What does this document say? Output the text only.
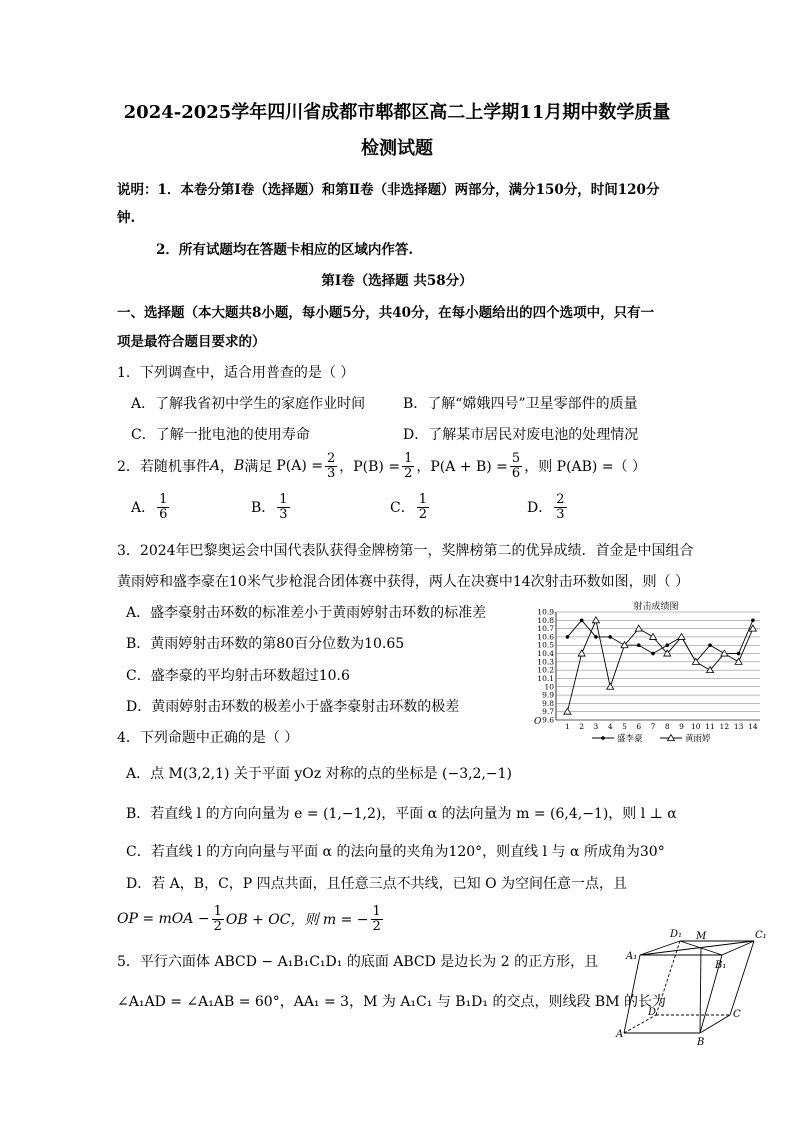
2024-2025学年四川省成都市郫都区高二上学期11月期中数学质量
检测试题
说明：1．本卷分第Ⅰ卷（选择题）和第Ⅱ卷（非选择题）两部分，满分150分，时间120分
钟.
2．所有试题均在答题卡相应的区域内作答.
第Ⅰ卷（选择题 共58分）
一、选择题（本大题共8小题，每小题5分，共40分，在每小题给出的四个选项中，只有一
项是最符合题目要求的）
1．下列调查中，适合用普查的是（ ）
A．了解我省初中学生的家庭作业时间	B．了解“嫦娥四号”卫星零部件的质量
C．了解一批电池的使用寿命	D．了解某市居民对废电池的处理情况
2．若随机事件 A ， B 满足 $P(A) = \frac{2}{3}$ ，$P(B) = \frac{1}{2}$ ，$P(A + B) = \frac{5}{6}$ ，则 P(AB) =（ ）
A． $\frac{1}{6}$	B． $\frac{1}{3}$	C． $\frac{1}{2}$	D． $\frac{2}{3}$
3．2024年巴黎奥运会中国代表队获得金牌榜第一，奖牌榜第二的优异成绩．首金是中国组合
黄雨婷和盛李豪在10米气步枪混合团体赛中获得，两人在决赛中14次射击环数如图，则（ ）
A．盛李豪射击环数的标准差小于黄雨婷射击环数的标准差
B．黄雨婷射击环数的第80百分位数为10.65
C．盛李豪的平均射击环数超过10.6
D．黄雨婷射击环数的极差小于盛李豪射击环数的极差
射击成绩图
9.6
9.7
9.8
9.9
10
10.1
10.2
10.3
10.4
10.5
10.6
10.7
10.8
10.9
1 2 3 4 5 6 7 8 9 10 11 12 13 14
O
盛李豪	黄雨婷
4．下列命题中正确的是（ ）
A．点 M(3,2,1) 关于平面 yOz 对称的点的坐标是 (−3,2,−1)
B．若直线 l 的方向向量为 e = (1,−1,2)，平面 α 的法向量为 m = (6,4,−1)，则 l ⊥ α
C．若直线 l 的方向向量与平面 α 的法向量的夹角为120°，则直线 l 与 α 所成角为30°
D．若 A，B，C，P 四点共面，且任意三点不共线，已知 O 为空间任意一点，且
OP = mOA − $\frac{1}{2}$ OB + OC，则 m = − $\frac{1}{2}$
5．平行六面体 ABCD − A₁B₁C₁D₁ 的底面 ABCD 是边长为 2 的正方形，且
∠A₁AD = ∠A₁AB = 60°，AA₁ = 3，M 为 A₁C₁ 与 B₁D₁ 的交点，则线段 BM 的长为
D₁ M	C₁
A₁
B₁
D	C
A
B
